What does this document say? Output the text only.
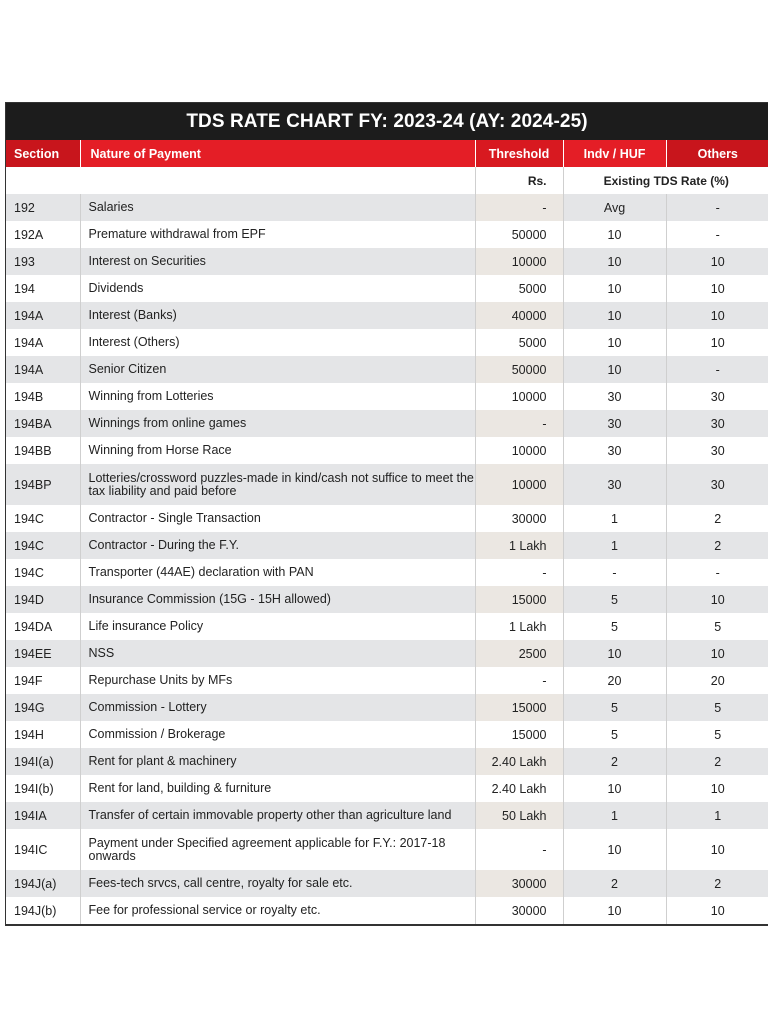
TDS RATE CHART FY: 2023-24 (AY: 2024-25)
Section	Nature of Payment	Threshold	Indv / HUF	Others
		Rs.	Existing TDS Rate (%)	
192	Salaries	-	Avg	-
192A	Premature withdrawal from EPF	50000	10	-
193	Interest on Securities	10000	10	10
194	Dividends	5000	10	10
194A	Interest (Banks)	40000	10	10
194A	Interest (Others)	5000	10	10
194A	Senior Citizen	50000	10	-
194B	Winning from Lotteries	10000	30	30
194BA	Winnings from online games	-	30	30
194BB	Winning from Horse Race	10000	30	30
194BP	Lotteries/crossword puzzles-made in kind/cash not suffice to meet the tax liability and paid before	10000	30	30
194C	Contractor - Single Transaction	30000	1	2
194C	Contractor - During the F.Y.	1 Lakh	1	2
194C	Transporter (44AE) declaration with PAN	-	-	-
194D	Insurance Commission (15G - 15H allowed)	15000	5	10
194DA	Life insurance Policy	1 Lakh	5	5
194EE	NSS	2500	10	10
194F	Repurchase Units by MFs	-	20	20
194G	Commission - Lottery	15000	5	5
194H	Commission / Brokerage	15000	5	5
194I(a)	Rent for plant & machinery	2.40 Lakh	2	2
194I(b)	Rent for land, building & furniture	2.40 Lakh	10	10
194IA	Transfer of certain immovable property other than agriculture land	50 Lakh	1	1
194IC	Payment under Specified agreement applicable for F.Y.: 2017-18 onwards	-	10	10
194J(a)	Fees-tech srvcs, call centre, royalty for sale etc.	30000	2	2
194J(b)	Fee for professional service or royalty etc.	30000	10	10
